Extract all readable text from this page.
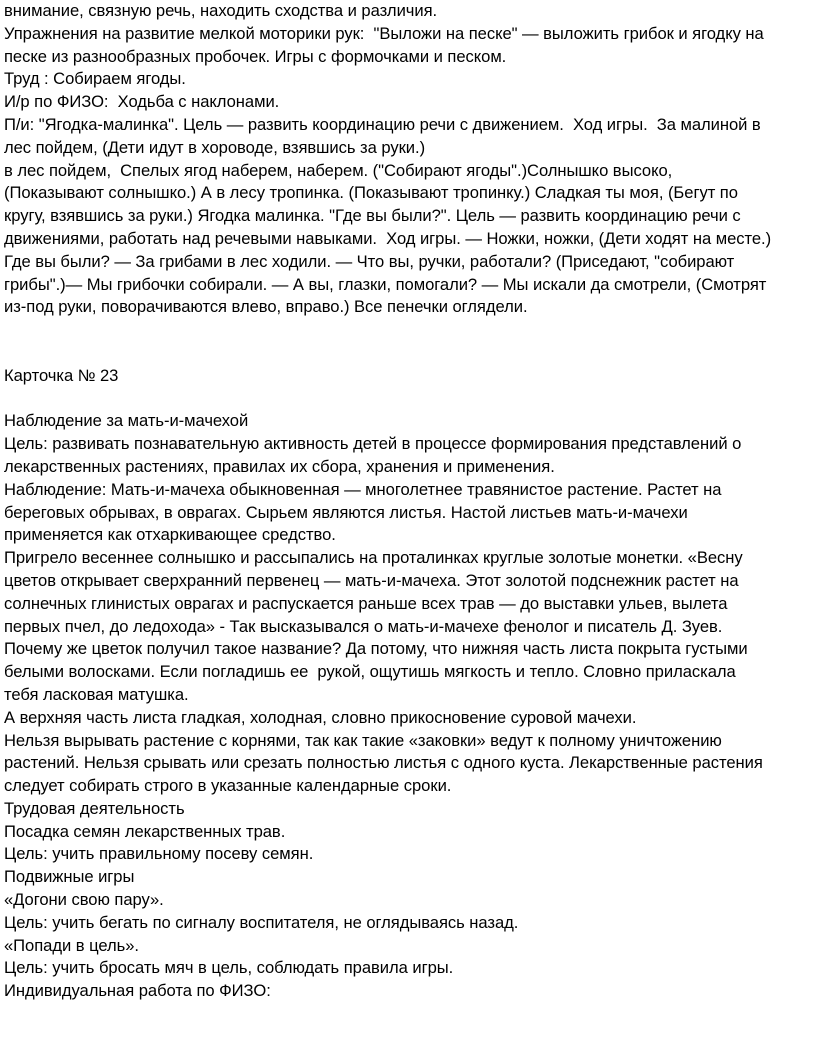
внимание, связную речь, находить сходства и различия.
Упражнения на развитие мелкой моторики рук:  "Выложи на песке" — выложить грибок и ягодку на
песке из разнообразных пробочек. Игры с формочками и песком.
Труд : Собираем ягоды.
И/р по ФИЗО:  Ходьба с наклонами.
П/и: "Ягодка-малинка". Цель — развить координацию речи с движением.  Ход игры.  За малиной в
лес пойдем, (Дети идут в хороводе, взявшись за руки.)
в лес пойдем,  Спелых ягод наберем, наберем. ("Собирают ягоды".)Солнышко высоко,
(Показывают солнышко.) А в лесу тропинка. (Показывают тропинку.) Сладкая ты моя, (Бегут по
кругу, взявшись за руки.) Ягодка малинка. "Где вы были?". Цель — развить координацию речи с
движениями, работать над речевыми навыками.  Ход игры. — Ножки, ножки, (Дети ходят на месте.)
Где вы были? — За грибами в лес ходили. — Что вы, ручки, работали? (Приседают, "собирают
грибы".)— Мы грибочки собирали. — А вы, глазки, помогали? — Мы искали да смотрели, (Смотрят
из-под руки, поворачиваются влево, вправо.) Все пенечки оглядели.
Карточка № 23
Наблюдение за мать-и-мачехой
Цель: развивать познавательную активность детей в процессе формирования представлений о
лекарственных растениях, правилах их сбора, хранения и применения.
Наблюдение: Мать-и-мачеха обыкновенная — многолетнее травянистое растение. Растет на
береговых обрывах, в оврагах. Сырьем являются листья. Настой листьев мать-и-мачехи
применяется как отхаркивающее средство.
Пригрело весеннее солнышко и рассыпались на проталинках круглые золотые монетки. «Весну
цветов открывает сверхранний первенец — мать-и-мачеха. Этот золотой подснежник растет на
солнечных глинистых оврагах и распускается раньше всех трав — до выставки ульев, вылета
первых пчел, до ледохода» - Так высказывался о мать-и-мачехе фенолог и писатель Д. Зуев.
Почему же цветок получил такое название? Да потому, что нижняя часть листа покрыта густыми
белыми волосками. Если погладишь ее  рукой, ощутишь мягкость и тепло. Словно приласкала
тебя ласковая матушка.
А верхняя часть листа гладкая, холодная, словно прикосновение суровой мачехи.
Нельзя вырывать растение с корнями, так как такие «заковки» ведут к полному уничтожению
растений. Нельзя срывать или срезать полностью листья с одного куста. Лекарственные растения
следует собирать строго в указанные календарные сроки.
Трудовая деятельность
Посадка семян лекарственных трав.
Цель: учить правильному посеву семян.
Подвижные игры
«Догони свою пару».
Цель: учить бегать по сигналу воспитателя, не оглядываясь назад.
«Попади в цель».
Цель: учить бросать мяч в цель, соблюдать правила игры.
Индивидуальная работа по ФИЗО:
